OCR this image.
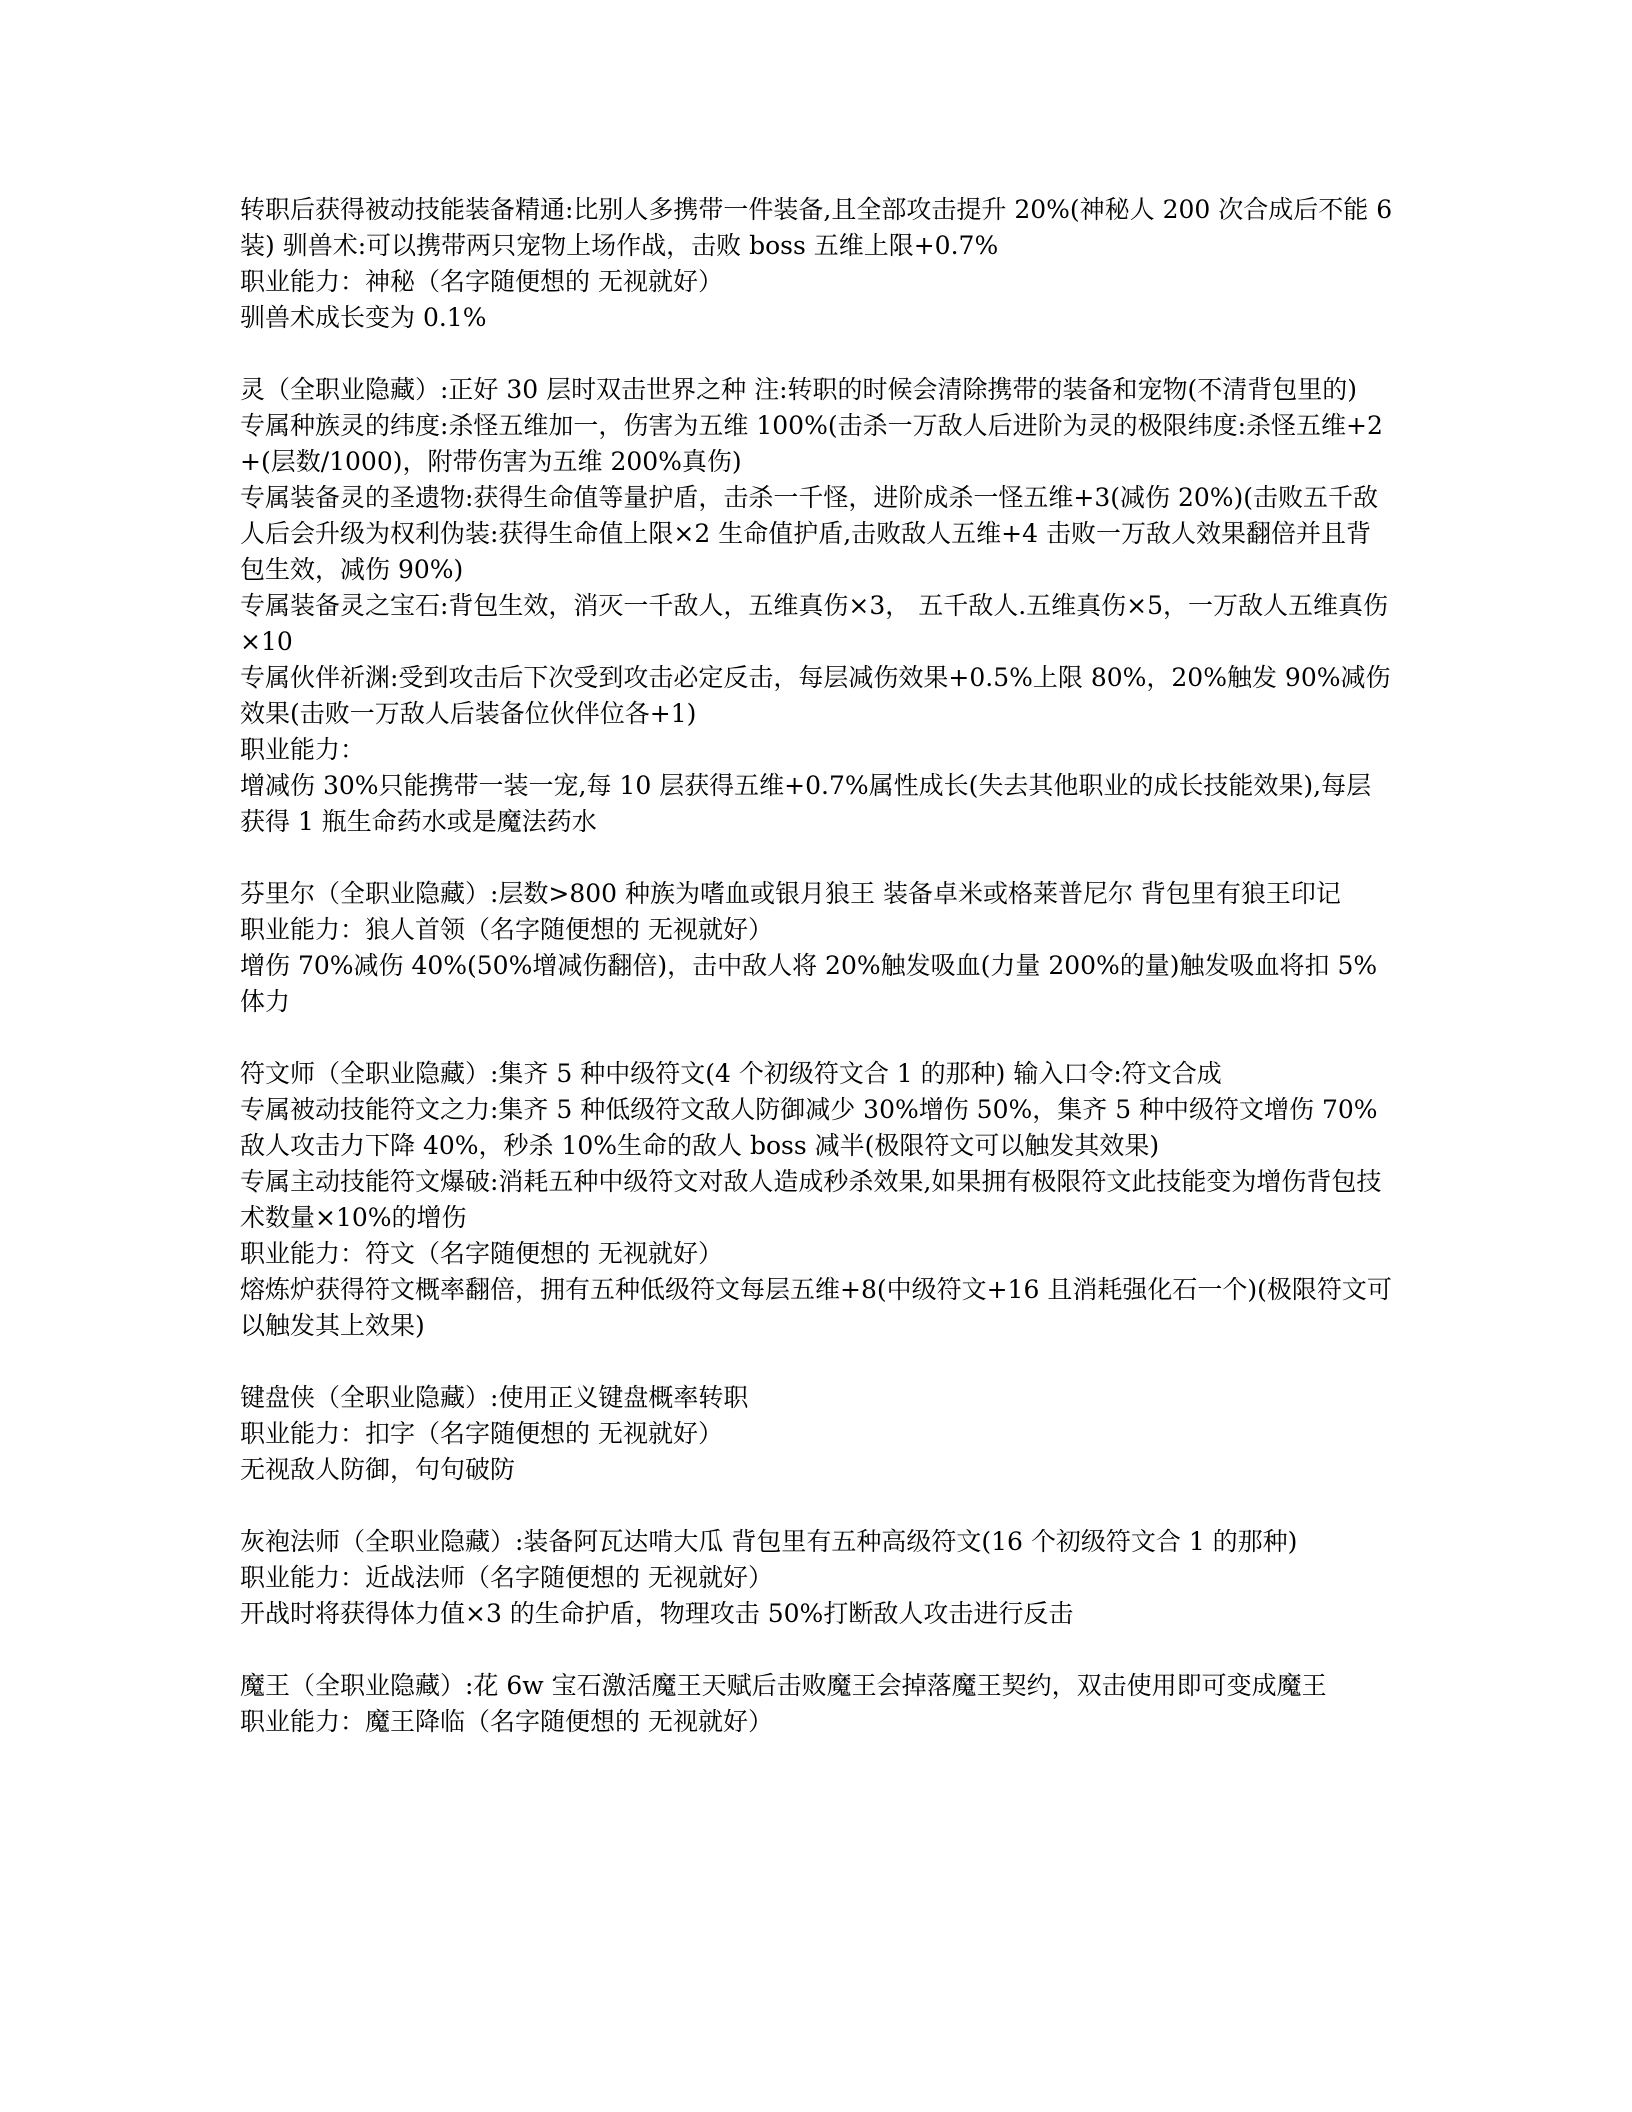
转职后获得被动技能装备精通:比别人多携带一件装备,且全部攻击提升 20%(神秘人 200 次合成后不能 6 装) 驯兽术:可以携带两只宠物上场作战，击败 boss 五维上限+0.7%

职业能力：神秘（名字随便想的 无视就好）

驯兽术成长变为 0.1%

灵（全职业隐藏）:正好 30 层时双击世界之种 注:转职的时候会清除携带的装备和宠物(不清背包里的)

专属种族灵的纬度:杀怪五维加一，伤害为五维 100%(击杀一万敌人后进阶为灵的极限纬度:杀怪五维+2+(层数/1000)，附带伤害为五维 200%真伤)

专属装备灵的圣遗物:获得生命值等量护盾，击杀一千怪，进阶成杀一怪五维+3(减伤 20%)(击败五千敌人后会升级为权利伪装:获得生命值上限×2 生命值护盾,击败敌人五维+4 击败一万敌人效果翻倍并且背包生效，减伤 90%)

专属装备灵之宝石:背包生效，消灭一千敌人，五维真伤×3， 五千敌人.五维真伤×5，一万敌人五维真伤×10

专属伙伴祈渊:受到攻击后下次受到攻击必定反击，每层减伤效果+0.5%上限 80%，20%触发 90%减伤效果(击败一万敌人后装备位伙伴位各+1)

职业能力：

增减伤 30%只能携带一装一宠,每 10 层获得五维+0.7%属性成长(失去其他职业的成长技能效果),每层获得 1 瓶生命药水或是魔法药水

芬里尔（全职业隐藏）:层数>800 种族为嗜血或银月狼王 装备卓米或格莱普尼尔 背包里有狼王印记

职业能力：狼人首领（名字随便想的 无视就好）

增伤 70%减伤 40%(50%增减伤翻倍)，击中敌人将 20%触发吸血(力量 200%的量)触发吸血将扣 5%体力

符文师（全职业隐藏）:集齐 5 种中级符文(4 个初级符文合 1 的那种) 输入口令:符文合成

专属被动技能符文之力:集齐 5 种低级符文敌人防御减少 30%增伤 50%，集齐 5 种中级符文增伤 70%敌人攻击力下降 40%，秒杀 10%生命的敌人 boss 减半(极限符文可以触发其效果)

专属主动技能符文爆破:消耗五种中级符文对敌人造成秒杀效果,如果拥有极限符文此技能变为增伤背包技术数量×10%的增伤

职业能力：符文（名字随便想的 无视就好）

熔炼炉获得符文概率翻倍，拥有五种低级符文每层五维+8(中级符文+16 且消耗强化石一个)(极限符文可以触发其上效果)

键盘侠（全职业隐藏）:使用正义键盘概率转职

职业能力：扣字（名字随便想的 无视就好）

无视敌人防御，句句破防

灰袍法师（全职业隐藏）:装备阿瓦达啃大瓜 背包里有五种高级符文(16 个初级符文合 1 的那种)

职业能力：近战法师（名字随便想的 无视就好）

开战时将获得体力值×3 的生命护盾，物理攻击 50%打断敌人攻击进行反击

魔王（全职业隐藏）:花 6w 宝石激活魔王天赋后击败魔王会掉落魔王契约，双击使用即可变成魔王

职业能力：魔王降临（名字随便想的 无视就好）
